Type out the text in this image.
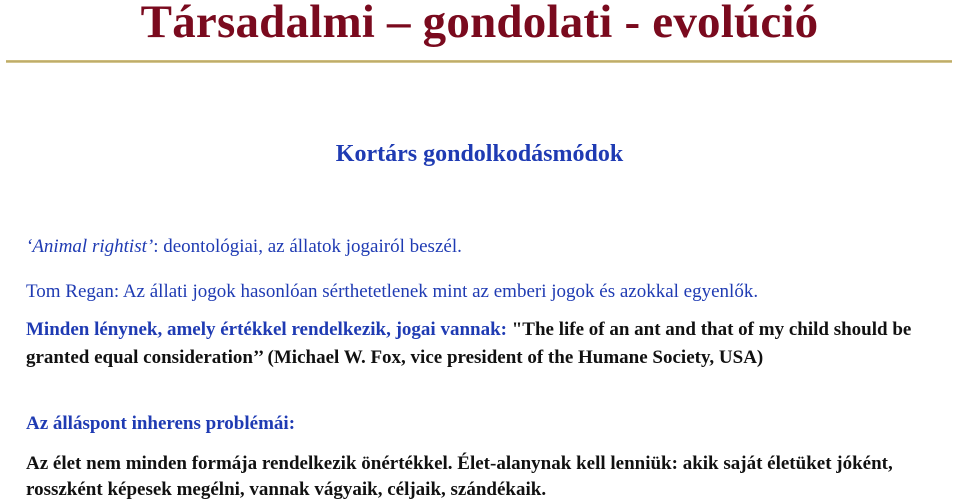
Társadalmi – gondolati - evolúció
Kortárs gondolkodásmódok

‘Animal rightist’: deontológiai, az állatok jogairól beszél.

Tom Regan: Az állati jogok hasonlóan sérthetetlenek mint az emberi jogok és azokkal egyenlők.

Minden lénynek, amely értékkel rendelkezik, jogai vannak: "The life of an ant and that of my child should be granted equal consideration’’ (Michael W. Fox, vice president of the Humane Society, USA)

Az álláspont inherens problémái:

Az élet nem minden formája rendelkezik önértékkel. Élet-alanynak kell lenniük: akik saját életüket jóként, rosszként képesek megélni, vannak vágyaik, céljaik, szándékaik.
